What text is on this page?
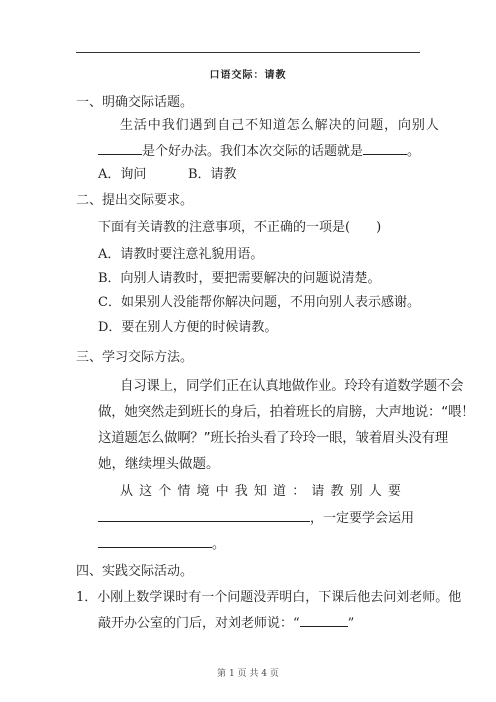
口语交际：请教
一、明确交际话题。
生活中我们遇到自己不知道怎么解决的问题，向别人
是个好办法。我们本次交际的话题就是	。
A．询问	B．请教
二、提出交际要求。
下面有关请教的注意事项，不正确的一项是(　　)
A．请教时要注意礼貌用语。
B．向别人请教时，要把需要解决的问题说清楚。
C．如果别人没能帮你解决问题，不用向别人表示感谢。
D．要在别人方便的时候请教。
三、学习交际方法。
自习课上，同学们正在认真地做作业。玲玲有道数学题不会
做，她突然走到班长的身后，拍着班长的肩膀，大声地说：“喂！
这道题怎么做啊？”班长抬头看了玲玲一眼，皱着眉头没有理
她，继续埋头做题。
从 这 个 情 境 中 我 知 道 ： 请 教 别 人 要
，一定要学会运用
。
四、实践交际活动。
1．小刚上数学课时有一个问题没弄明白，下课后他去问刘老师。他
敲开办公室的门后，对刘老师说：“	”
第 1 页 共 4 页
